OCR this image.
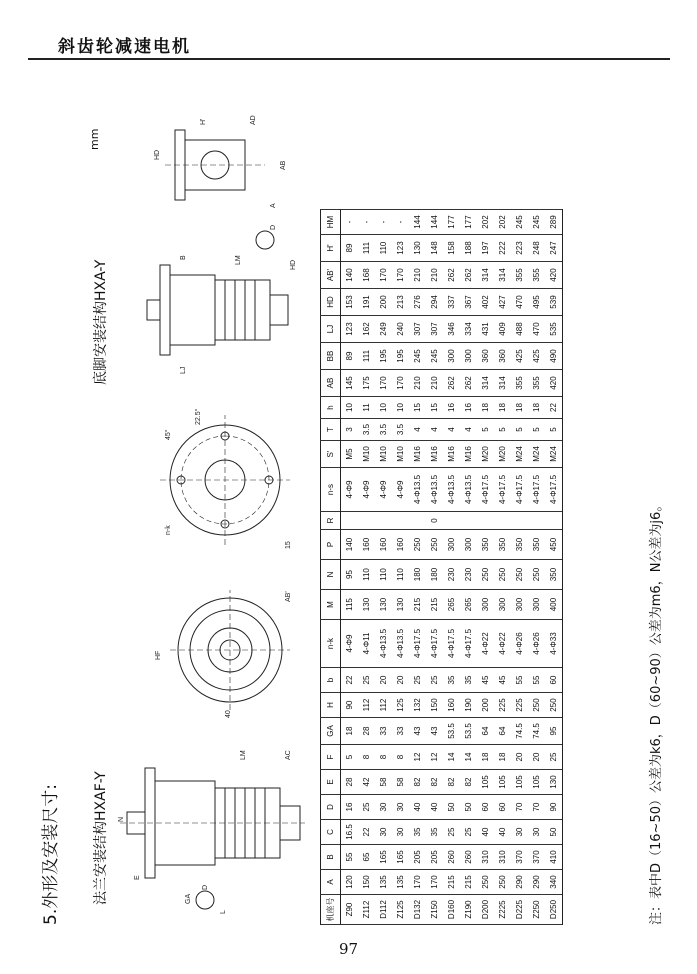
斜齿轮减速电机
5.外形及安装尺寸: 法兰安装结构HXAF-Y
底脚安装结构HXA-Y
mm
L
LM	AC
GA
D
N
E
HF
40
AB'
15
45°
22.5°
n-k
LM	HD
D
LJ
B
HD
H'	AD
A
AB
机座号	A	B	C	D	E	F	GA	H	b	n-k	M	N	P	R	n-s	S'	T	h	AB	BB	LJ	HD	AB'	H'	HM
Z90	120	55	16.5	16	28	5	18	90	22	4-Φ9	115	95	140		4-Φ9	M5	3	10	145	89	123	153	140	89	-
Z112	150	65	22	25	42	8	28	112	25	4-Φ11	130	110	160		4-Φ9	M10	3.5	11	175	111	162	191	168	111	-
D112	135	165	30	30	58	8	33	112	20	4-Φ13.5	130	110	160		4-Φ9	M10	3.5	10	170	195	249	200	170	110	-
Z125	135	165	30	30	58	8	33	125	20	4-Φ13.5	130	110	160		4-Φ9	M10	3.5	10	170	195	240	213	170	123	-
D132	170	205	35	40	82	12	43	132	25	4-Φ17.5	215	180	250		4-Φ13.5	M16	4	15	210	245	307	276	210	130	144
Z150	170	205	35	40	82	12	43	150	25	4-Φ17.5	215	180	250	0	4-Φ13.5	M16	4	15	210	245	307	294	210	148	144
D160	215	260	25	50	82	14	53.5	160	35	4-Φ17.5	265	230	300		4-Φ13.5	M16	4	16	262	300	346	337	262	158	177
Z190	215	260	25	50	82	14	53.5	190	35	4-Φ17.5	265	230	300		4-Φ13.5	M16	4	16	262	300	334	367	262	188	177
D200	250	310	40	60	105	18	64	200	45	4-Φ22	300	250	350		4-Φ17.5	M20	5	18	314	360	431	402	314	197	202
Z225	250	310	40	60	105	18	64	225	45	4-Φ22	300	250	350		4-Φ17.5	M20	5	18	314	360	409	427	314	222	202
D225	290	370	30	70	105	20	74.5	225	55	4-Φ26	300	250	350		4-Φ17.5	M24	5	18	355	425	488	470	355	223	245
Z250	290	370	30	70	105	20	74.5	250	55	4-Φ26	300	250	350		4-Φ17.5	M24	5	18	355	425	470	495	355	248	245
D250	340	410	50	90	130	25	95	250	60	4-Φ33	400	350	450		4-Φ17.5	M24	5	22	420	490	535	539	420	247	289
注：表中D（16~50）公差为k6，D（60~90）公差为m6，N公差为j6。
97
